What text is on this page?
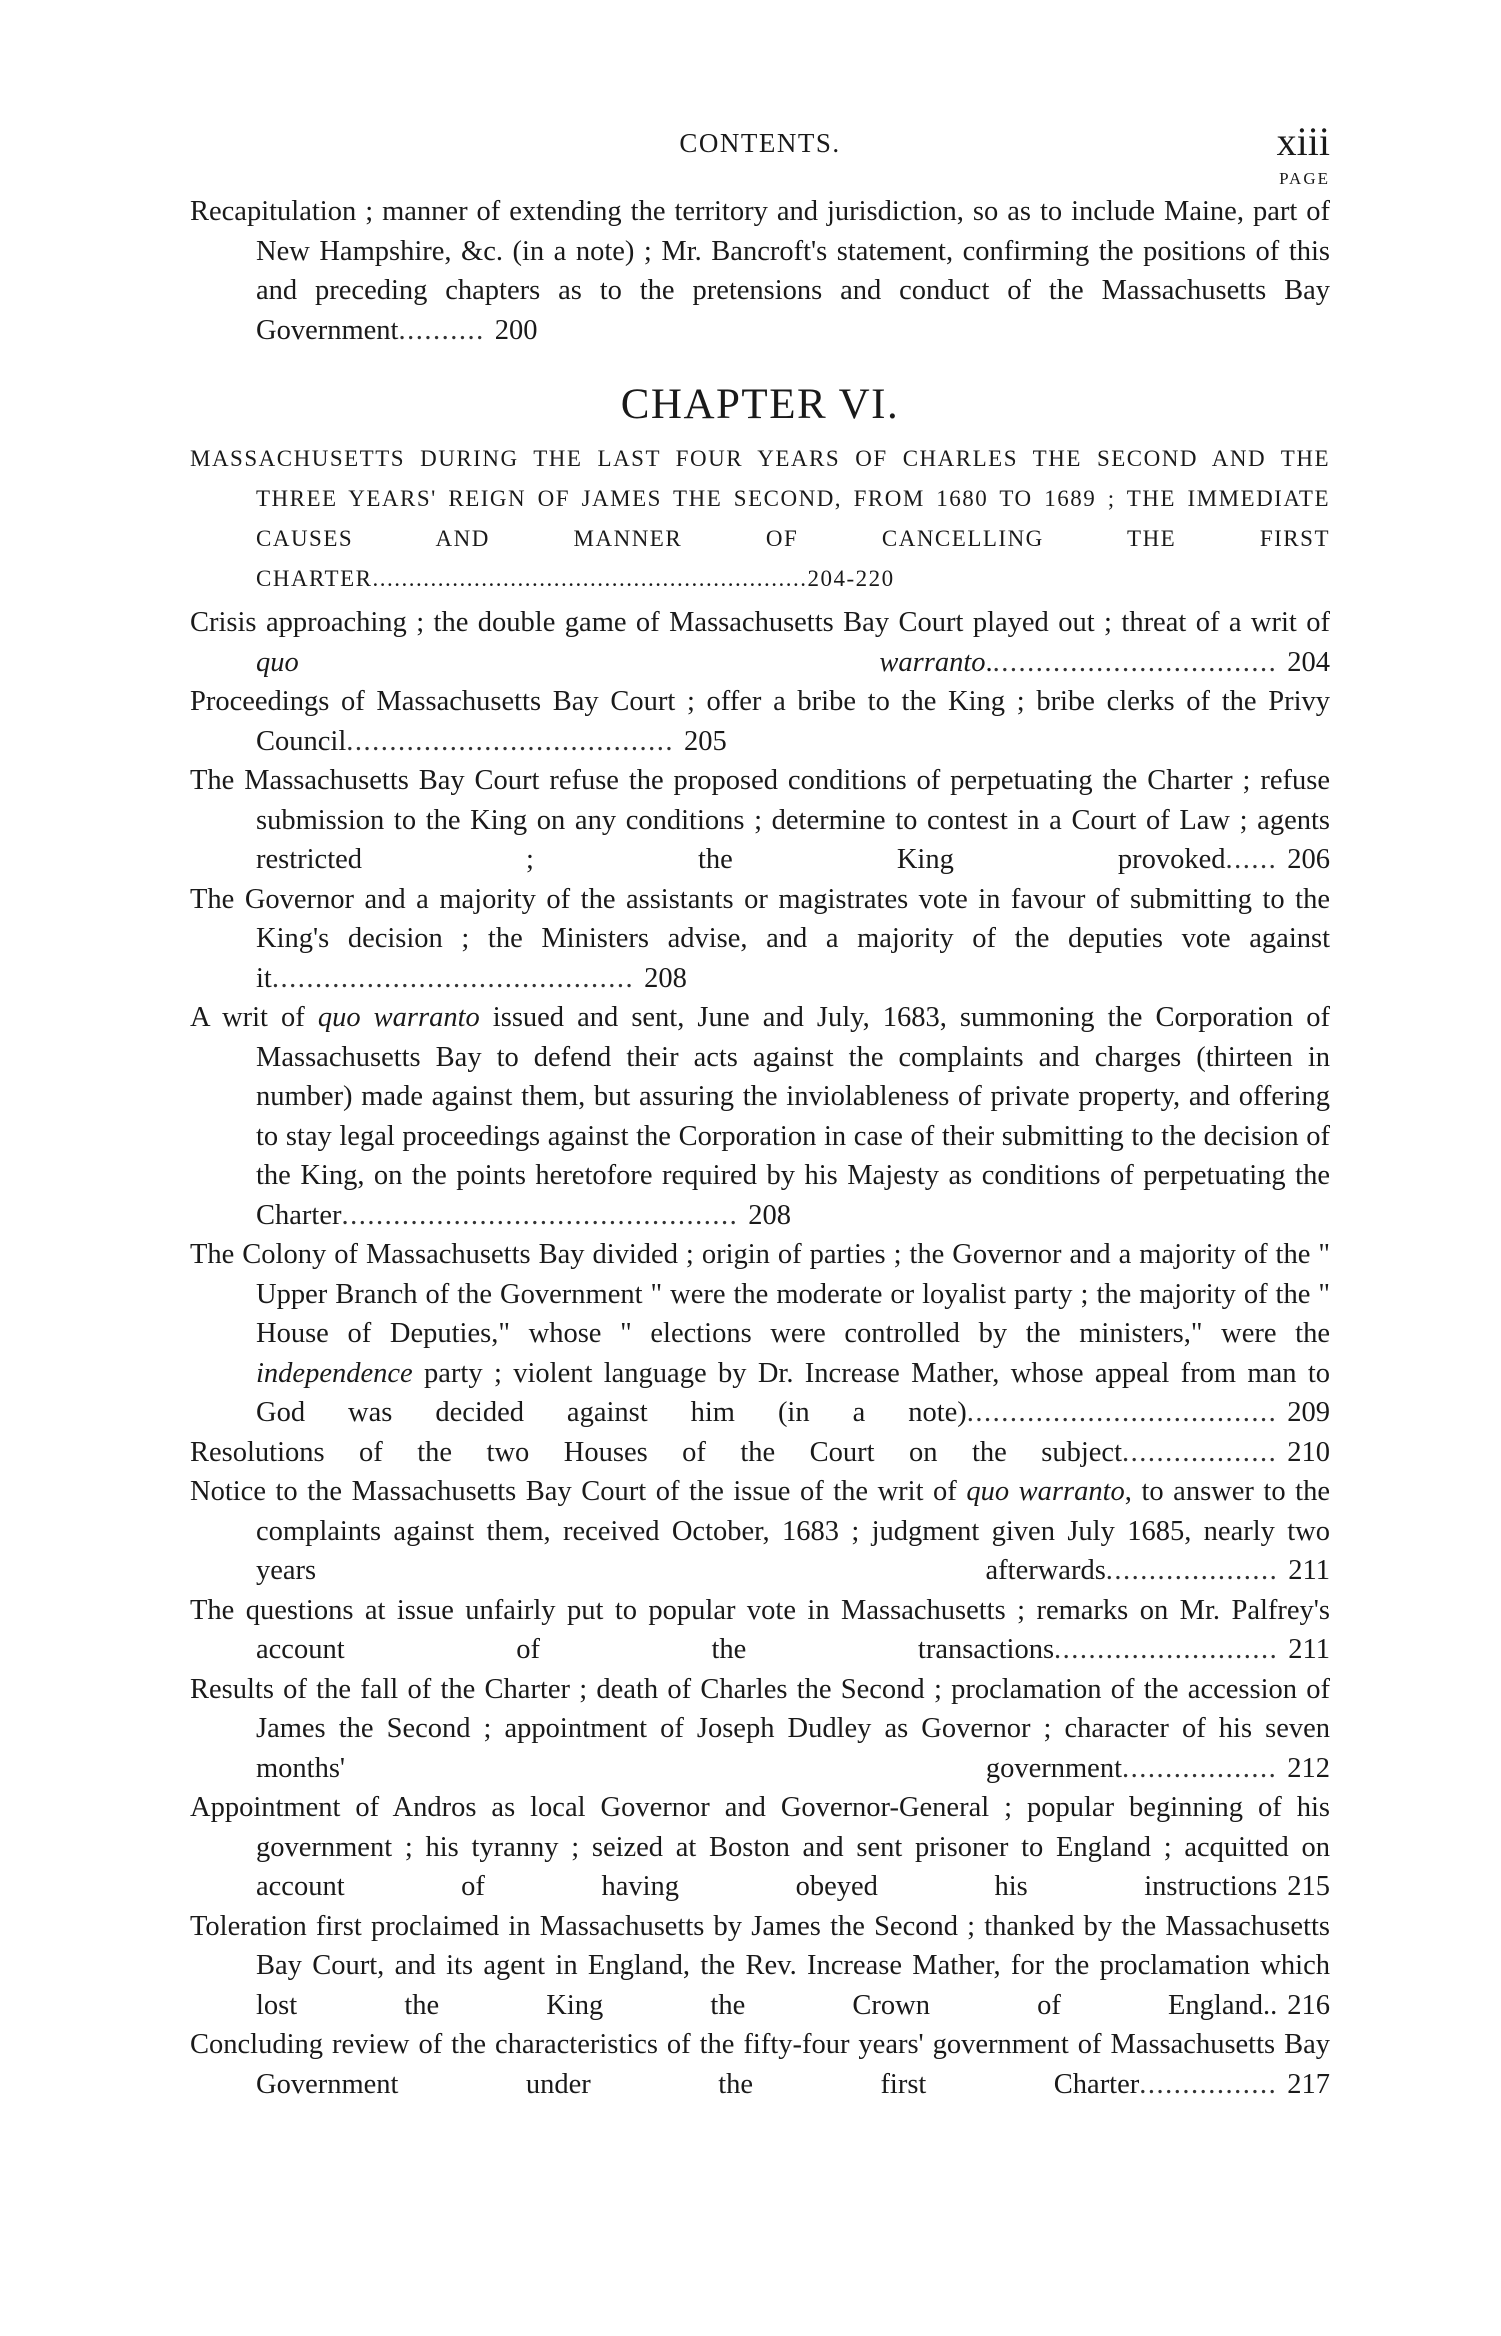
CONTENTS.	xiii
PAGE
Recapitulation ; manner of extending the territory and jurisdiction, so as to include Maine, part of New Hampshire, &c. (in a note) ; Mr. Bancroft's statement, confirming the positions of this and preceding chapters as to the pretensions and conduct of the Massachusetts Bay Government.......... 200
CHAPTER VI.
MASSACHUSETTS DURING THE LAST FOUR YEARS OF CHARLES THE SECOND AND THE THREE YEARS' REIGN OF JAMES THE SECOND, FROM 1680 TO 1689 ; THE IMMEDIATE CAUSES AND MANNER OF CANCELLING THE FIRST CHARTER............................................................204-220
Crisis approaching ; the double game of Massachusetts Bay Court played out ; threat of a writ of quo warranto.................................. 204
Proceedings of Massachusetts Bay Court ; offer a bribe to the King ; bribe clerks of the Privy Council...................................... 205
The Massachusetts Bay Court refuse the proposed conditions of perpetuating the Charter ; refuse submission to the King on any conditions ; determine to contest in a Court of Law ; agents restricted ; the King provoked...... 206
The Governor and a majority of the assistants or magistrates vote in favour of submitting to the King's decision ; the Ministers advise, and a majority of the deputies vote against it.......................................... 208
A writ of quo warranto issued and sent, June and July, 1683, summoning the Corporation of Massachusetts Bay to defend their acts against the complaints and charges (thirteen in number) made against them, but assuring the inviolableness of private property, and offering to stay legal proceedings against the Corporation in case of their submitting to the decision of the King, on the points heretofore required by his Majesty as conditions of perpetuating the Charter.............................................. 208
The Colony of Massachusetts Bay divided ; origin of parties ; the Governor and a majority of the " Upper Branch of the Government " were the moderate or loyalist party ; the majority of the " House of Deputies," whose " elections were controlled by the ministers," were the independence party ; violent language by Dr. Increase Mather, whose appeal from man to God was decided against him (in a note).................................... 209
Resolutions of the two Houses of the Court on the subject.................. 210
Notice to the Massachusetts Bay Court of the issue of the writ of quo warranto, to answer to the complaints against them, received October, 1683 ; judgment given July 1685, nearly two years afterwards.................... 211
The questions at issue unfairly put to popular vote in Massachusetts ; remarks on Mr. Palfrey's account of the transactions.......................... 211
Results of the fall of the Charter ; death of Charles the Second ; proclamation of the accession of James the Second ; appointment of Joseph Dudley as Governor ; character of his seven months' government.................. 212
Appointment of Andros as local Governor and Governor-General ; popular beginning of his government ; his tyranny ; seized at Boston and sent prisoner to England ; acquitted on account of having obeyed his instructions 215
Toleration first proclaimed in Massachusetts by James the Second ; thanked by the Massachusetts Bay Court, and its agent in England, the Rev. Increase Mather, for the proclamation which lost the King the Crown of England.. 216
Concluding review of the characteristics of the fifty-four years' government of Massachusetts Bay Government under the first Charter................ 217
